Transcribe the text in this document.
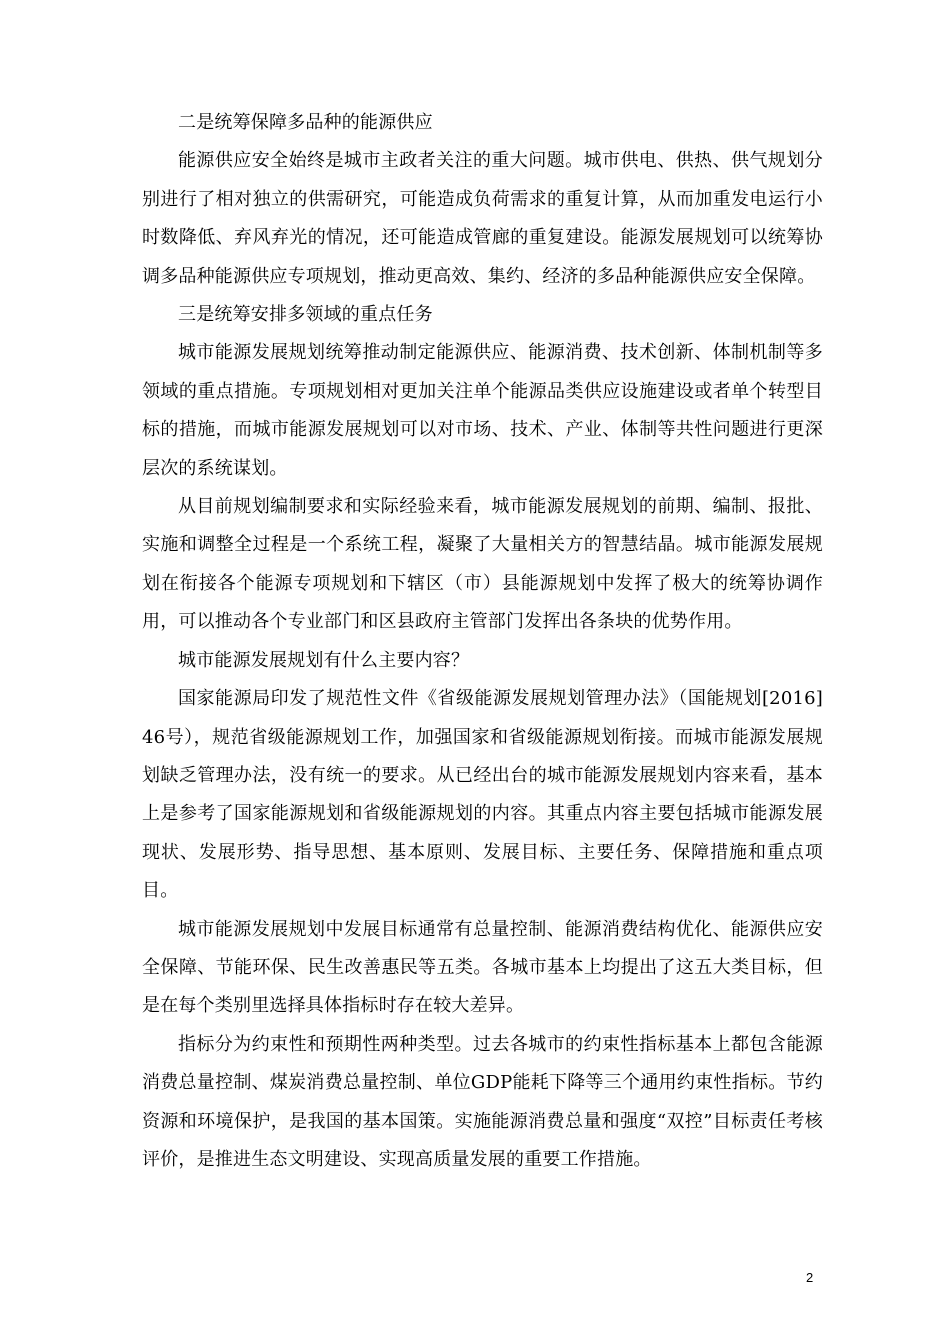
二是统筹保障多品种的能源供应

能源供应安全始终是城市主政者关注的重大问题。城市供电、供热、供气规划分别进行了相对独立的供需研究，可能造成负荷需求的重复计算，从而加重发电运行小时数降低、弃风弃光的情况，还可能造成管廊的重复建设。能源发展规划可以统筹协调多品种能源供应专项规划，推动更高效、集约、经济的多品种能源供应安全保障。

三是统筹安排多领域的重点任务

城市能源发展规划统筹推动制定能源供应、能源消费、技术创新、体制机制等多领域的重点措施。专项规划相对更加关注单个能源品类供应设施建设或者单个转型目标的措施，而城市能源发展规划可以对市场、技术、产业、体制等共性问题进行更深层次的系统谋划。

从目前规划编制要求和实际经验来看，城市能源发展规划的前期、编制、报批、实施和调整全过程是一个系统工程，凝聚了大量相关方的智慧结晶。城市能源发展规划在衔接各个能源专项规划和下辖区（市）县能源规划中发挥了极大的统筹协调作用，可以推动各个专业部门和区县政府主管部门发挥出各条块的优势作用。

城市能源发展规划有什么主要内容？

国家能源局印发了规范性文件《省级能源发展规划管理办法》（国能规划[2016]46号），规范省级能源规划工作，加强国家和省级能源规划衔接。而城市能源发展规划缺乏管理办法，没有统一的要求。从已经出台的城市能源发展规划内容来看，基本上是参考了国家能源规划和省级能源规划的内容。其重点内容主要包括城市能源发展现状、发展形势、指导思想、基本原则、发展目标、主要任务、保障措施和重点项目。

城市能源发展规划中发展目标通常有总量控制、能源消费结构优化、能源供应安全保障、节能环保、民生改善惠民等五类。各城市基本上均提出了这五大类目标，但是在每个类别里选择具体指标时存在较大差异。

指标分为约束性和预期性两种类型。过去各城市的约束性指标基本上都包含能源消费总量控制、煤炭消费总量控制、单位GDP能耗下降等三个通用约束性指标。节约资源和环境保护，是我国的基本国策。实施能源消费总量和强度“双控”目标责任考核评价，是推进生态文明建设、实现高质量发展的重要工作措施。

2
